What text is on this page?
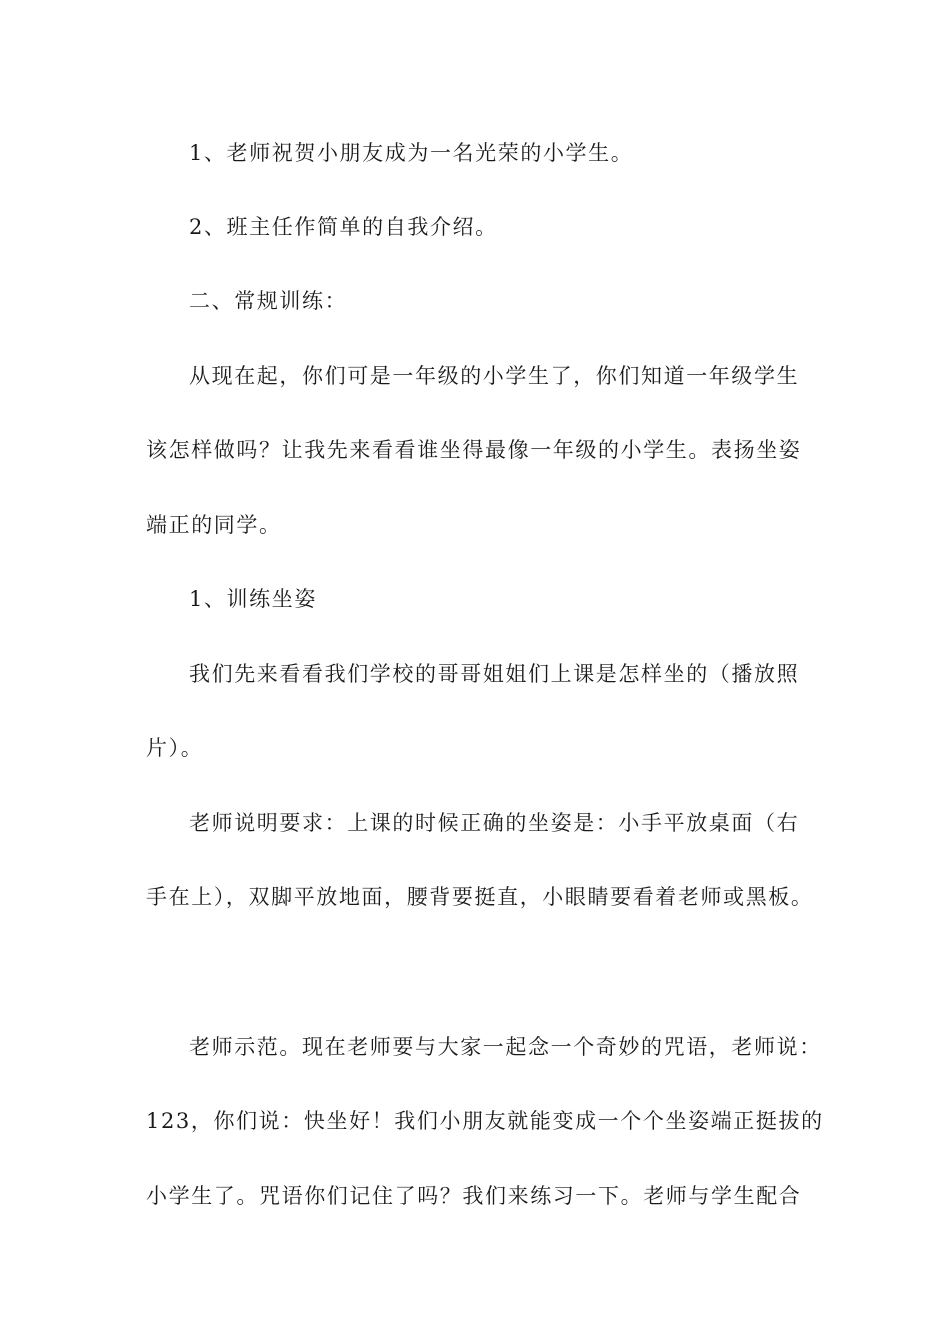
1、老师祝贺小朋友成为一名光荣的小学生。

2、班主任作简单的自我介绍。

二、常规训练：

从现在起，你们可是一年级的小学生了，你们知道一年级学生

该怎样做吗？让我先来看看谁坐得最像一年级的小学生。表扬坐姿

端正的同学。

1、训练坐姿

我们先来看看我们学校的哥哥姐姐们上课是怎样坐的（播放照

片）。

老师说明要求：上课的时候正确的坐姿是：小手平放桌面（右

手在上），双脚平放地面，腰背要挺直，小眼睛要看着老师或黑板。

老师示范。现在老师要与大家一起念一个奇妙的咒语，老师说：

123，你们说：快坐好！我们小朋友就能变成一个个坐姿端正挺拔的

小学生了。咒语你们记住了吗？我们来练习一下。老师与学生配合
